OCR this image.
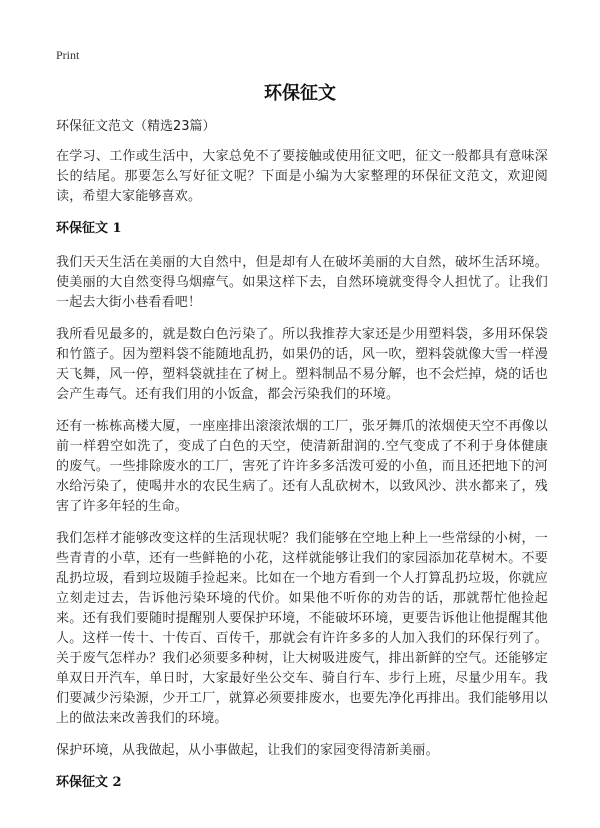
Print
环保征文

环保征文范文（精选23篇）

在学习、工作或生活中，大家总免不了要接触或使用征文吧，征文一般都具有意味深长的结尾。那要怎么写好征文呢？下面是小编为大家整理的环保征文范文，欢迎阅读，希望大家能够喜欢。

环保征文 1

我们天天生活在美丽的大自然中，但是却有人在破坏美丽的大自然，破坏生活环境。使美丽的大自然变得乌烟瘴气。如果这样下去，自然环境就变得令人担忧了。让我们一起去大街小巷看看吧！

我所看见最多的，就是数白色污染了。所以我推荐大家还是少用塑料袋，多用环保袋和竹篮子。因为塑料袋不能随地乱扔，如果仍的话，风一吹，塑料袋就像大雪一样漫天飞舞，风一停，塑料袋就挂在了树上。塑料制品不易分解，也不会烂掉，烧的话也会产生毒气。还有我们用的小饭盒，都会污染我们的环境。

还有一栋栋高楼大厦，一座座排出滚滚浓烟的工厂，张牙舞爪的浓烟使天空不再像以前一样碧空如洗了，变成了白色的天空，使清新甜润的.空气变成了不利于身体健康的废气。一些排除废水的工厂，害死了许许多多活泼可爱的小鱼，而且还把地下的河水给污染了，使喝井水的农民生病了。还有人乱砍树木，以致风沙、洪水都来了，残害了许多年轻的生命。

我们怎样才能够改变这样的生活现状呢？我们能够在空地上种上一些常绿的小树，一些青青的小草，还有一些鲜艳的小花，这样就能够让我们的家园添加花草树木。不要乱扔垃圾，看到垃圾随手捡起来。比如在一个地方看到一个人打算乱扔垃圾，你就应立刻走过去，告诉他污染环境的代价。如果他不听你的劝告的话，那就帮忙他捡起来。还有我们要随时提醒别人要保护环境，不能破坏环境，更要告诉他让他提醒其他人。这样一传十、十传百、百传千，那就会有许许多多的人加入我们的环保行列了。关于废气怎样办？我们必须要多种树，让大树吸进废气，排出新鲜的空气。还能够定单双日开汽车，单日时，大家最好坐公交车、骑自行车、步行上班，尽量少用车。我们要减少污染源，少开工厂，就算必须要排废水，也要先净化再排出。我们能够用以上的做法来改善我们的环境。

保护环境，从我做起，从小事做起，让我们的家园变得清新美丽。

环保征文 2
